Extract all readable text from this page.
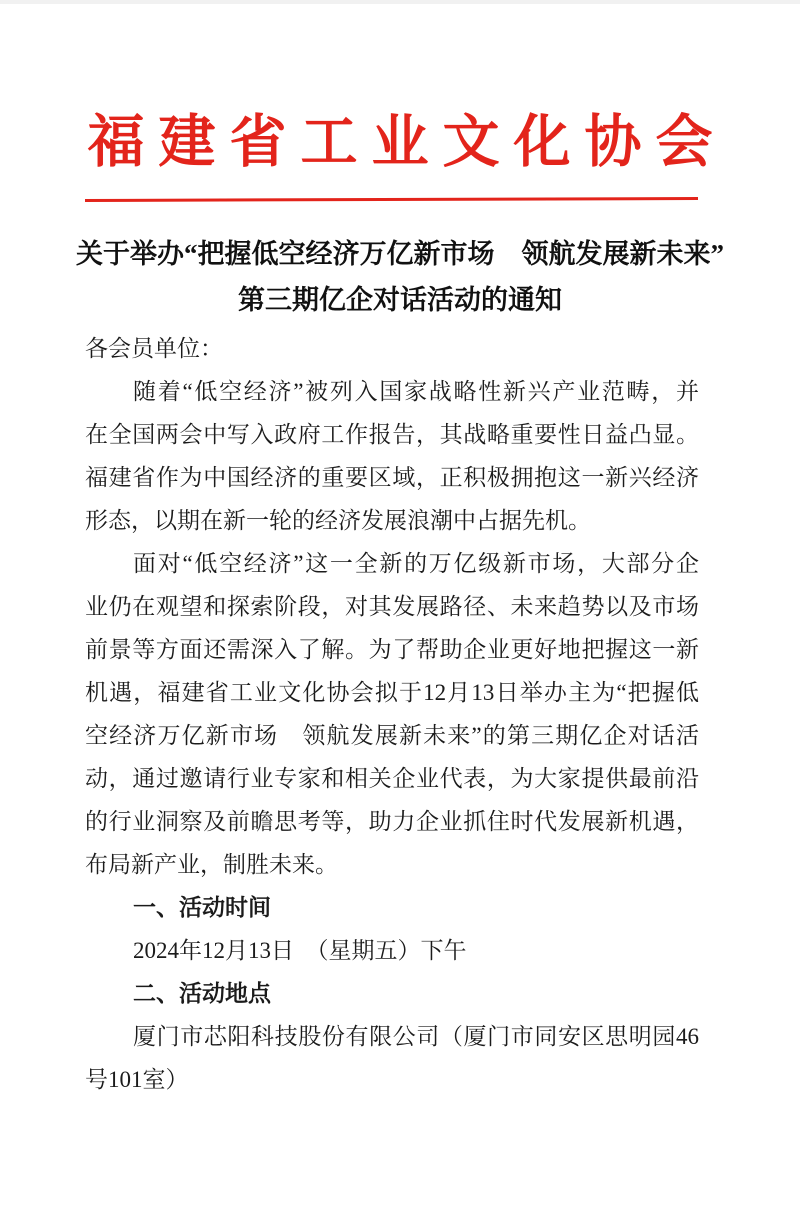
福建省工业文化协会
关于举办“把握低空经济万亿新市场　领航发展新未来”
第三期亿企对话活动的通知
各会员单位：
随着“低空经济”被列入国家战略性新兴产业范畴，并
在全国两会中写入政府工作报告，其战略重要性日益凸显。
福建省作为中国经济的重要区域，正积极拥抱这一新兴经济
形态，以期在新一轮的经济发展浪潮中占据先机。
面对“低空经济”这一全新的万亿级新市场，大部分企
业仍在观望和探索阶段，对其发展路径、未来趋势以及市场
前景等方面还需深入了解。为了帮助企业更好地把握这一新
机遇，福建省工业文化协会拟于12月13日举办主为“把握低
空经济万亿新市场　领航发展新未来”的第三期亿企对话活
动，通过邀请行业专家和相关企业代表，为大家提供最前沿
的行业洞察及前瞻思考等，助力企业抓住时代发展新机遇，
布局新产业，制胜未来。
一、活动时间
2024年12月13日　（星期五）下午
二、活动地点
厦门市芯阳科技股份有限公司（厦门市同安区思明园46
号101室）
